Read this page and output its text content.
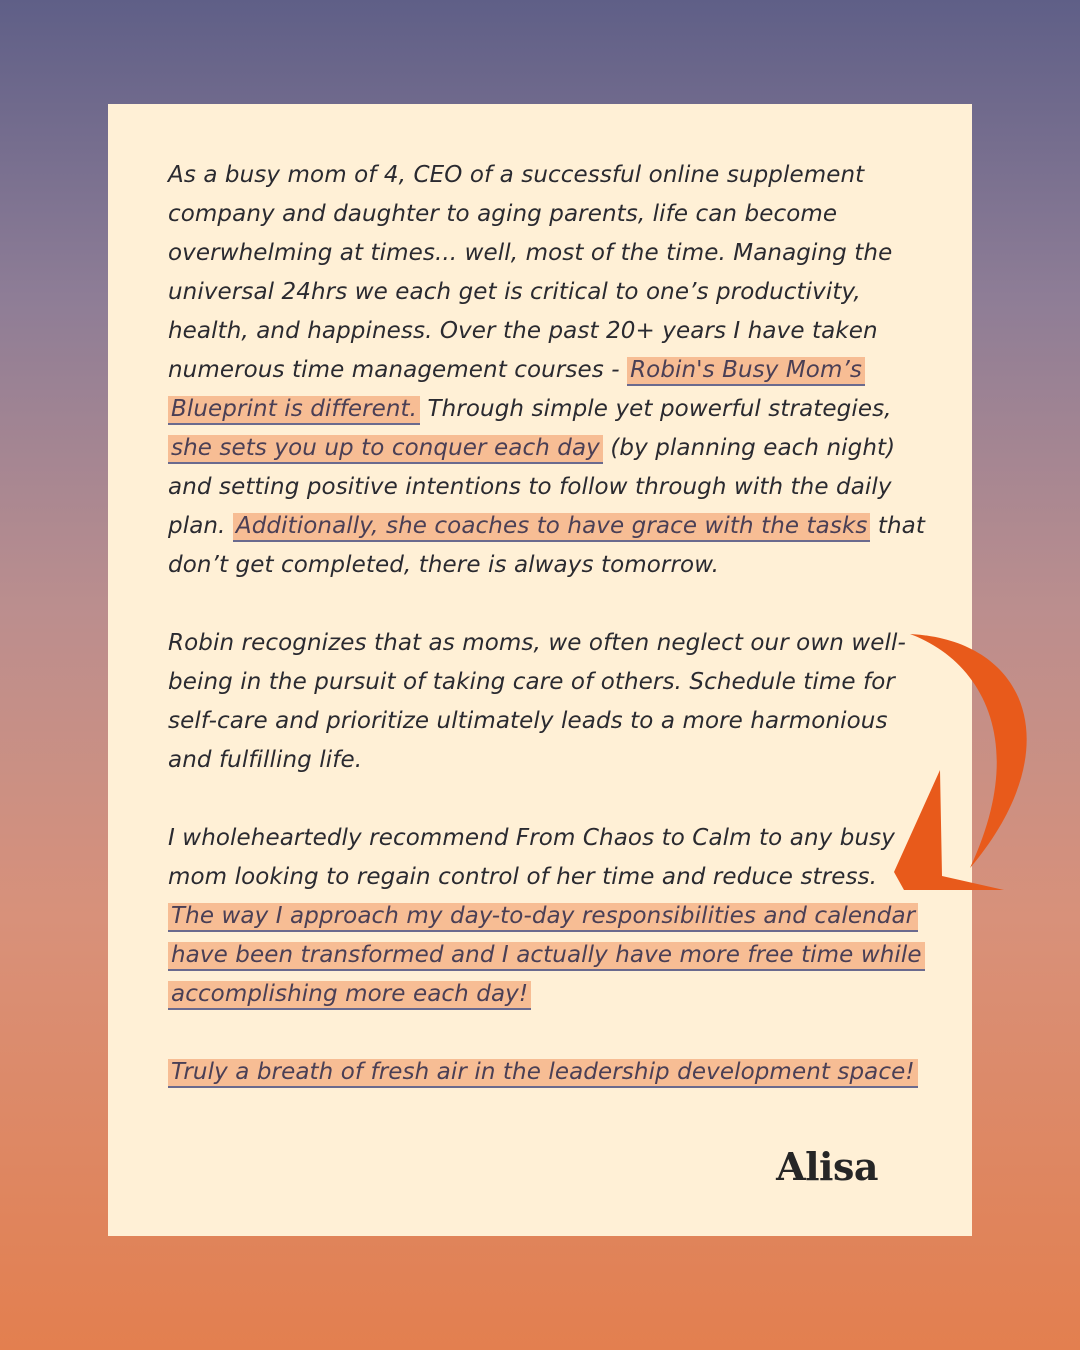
As a busy mom of 4, CEO of a successful online supplement company and daughter to aging parents, life can become overwhelming at times... well, most of the time. Managing the universal 24hrs we each get is critical to one’s productivity, health, and happiness. Over the past 20+ years I have taken numerous time management courses - Robin's Busy Mom’s Blueprint is different. Through simple yet powerful strategies, she sets you up to conquer each day (by planning each night) and setting positive intentions to follow through with the daily plan. Additionally, she coaches to have grace with the tasks that don’t get completed, there is always tomorrow.

Robin recognizes that as moms, we often neglect our own well-being in the pursuit of taking care of others. Schedule time for self-care and prioritize ultimately leads to a more harmonious and fulfilling life.

I wholeheartedly recommend From Chaos to Calm to any busy mom looking to regain control of her time and reduce stress. The way I approach my day-to-day responsibilities and calendar have been transformed and I actually have more free time while accomplishing more each day!

Truly a breath of fresh air in the leadership development space!

Alisa
